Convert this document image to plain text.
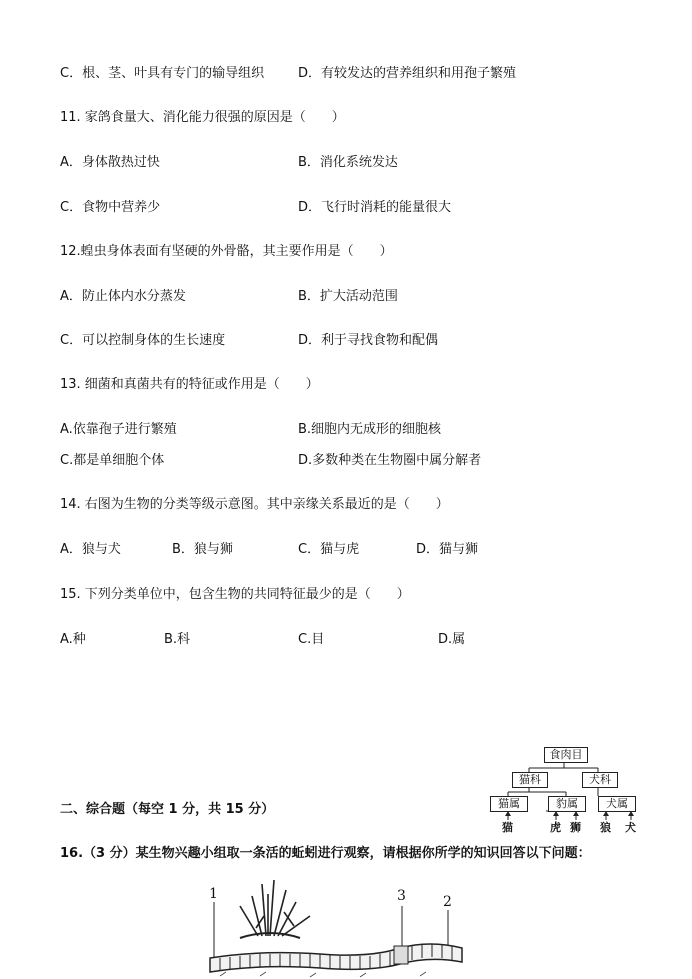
C．根、茎、叶具有专门的输导组织	D．有较发达的营养组织和用孢子繁殖
11. 家鸽食量大、消化能力很强的原因是（　　）
A．身体散热过快	B．消化系统发达
C．食物中营养少	D．飞行时消耗的能量很大
12.蝗虫身体表面有坚硬的外骨骼，其主要作用是（　　）
A．防止体内水分蒸发	B．扩大活动范围
C．可以控制身体的生长速度	D．利于寻找食物和配偶
13. 细菌和真菌共有的特征或作用是（　　）
A.依靠孢子进行繁殖	B.细胞内无成形的细胞核
C.都是单细胞个体	D.多数种类在生物圈中属分解者
14. 右图为生物的分类等级示意图。其中亲缘关系最近的是（　　）
A．狼与犬	B．狼与狮	C．猫与虎	D．猫与狮
15. 下列分类单位中，包含生物的共同特征最少的是（　　）
A.种	B.科	C.目	D.属
食肉目
猫科	犬科
猫属	豹属	犬属
猫	虎 狮 狼 犬
二、综合题（每空 1 分，共 15 分）
16.（3 分）某生物兴趣小组取一条活的蚯蚓进行观察，请根据你所学的知识回答以下问题：
1	3	2
